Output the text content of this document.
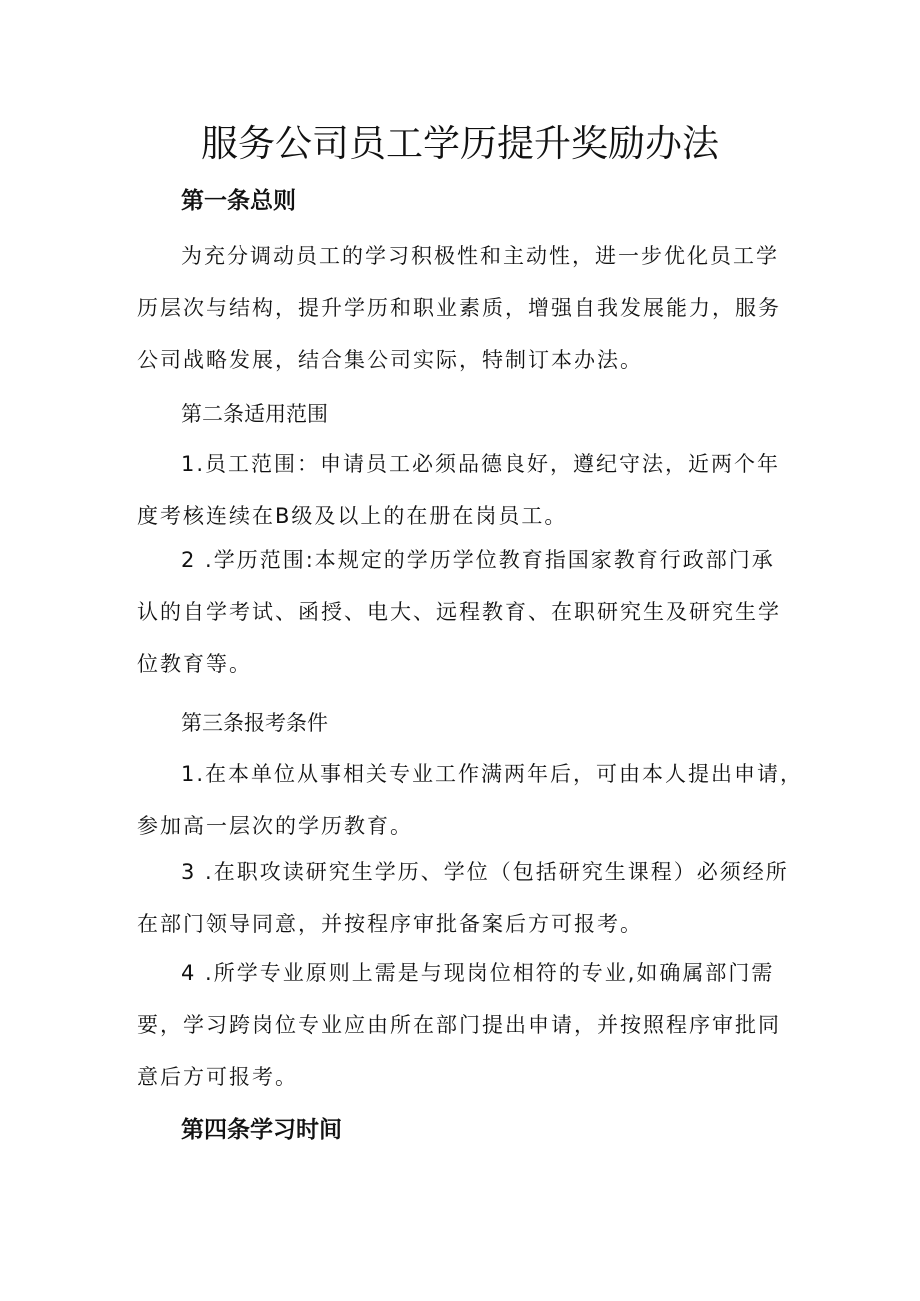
服务公司员工学历提升奖励办法
第一条总则
为充分调动员工的学习积极性和主动性，进一步优化员工学
历层次与结构，提升学历和职业素质，增强自我发展能力，服务
公司战略发展，结合集公司实际，特制订本办法。
第二条适用范围
1.员工范围：申请员工必须品德良好，遵纪守法，近两个年
度考核连续在B级及以上的在册在岗员工。
2 .学历范围:本规定的学历学位教育指国家教育行政部门承
认的自学考试、函授、电大、远程教育、在职研究生及研究生学
位教育等。
第三条报考条件
1.在本单位从事相关专业工作满两年后，可由本人提出申请，
参加高一层次的学历教育。
3 .在职攻读研究生学历、学位（包括研究生课程）必须经所
在部门领导同意，并按程序审批备案后方可报考。
4 .所学专业原则上需是与现岗位相符的专业,如确属部门需
要，学习跨岗位专业应由所在部门提出申请，并按照程序审批同
意后方可报考。
第四条学习时间
